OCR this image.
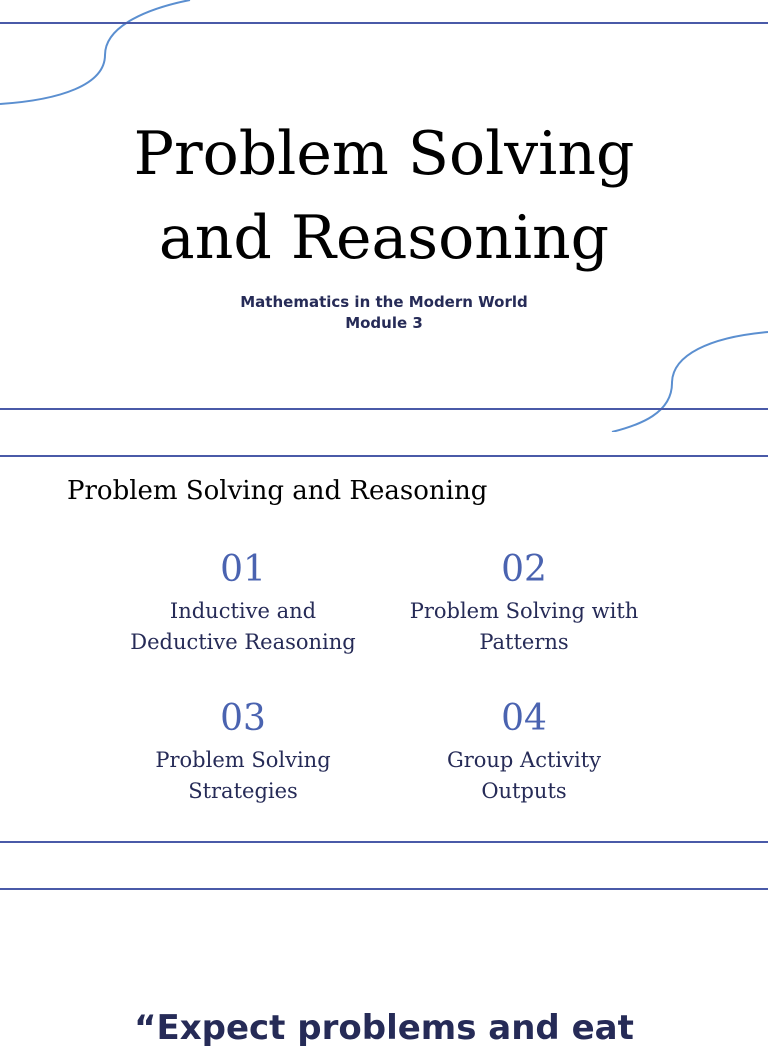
Problem Solving
and Reasoning
Mathematics in the Modern World
Module 3
Problem Solving and Reasoning
01
Inductive and
Deductive Reasoning
02
Problem Solving with
Patterns
03
Problem Solving
Strategies
04
Group Activity
Outputs
“Expect problems and eat
